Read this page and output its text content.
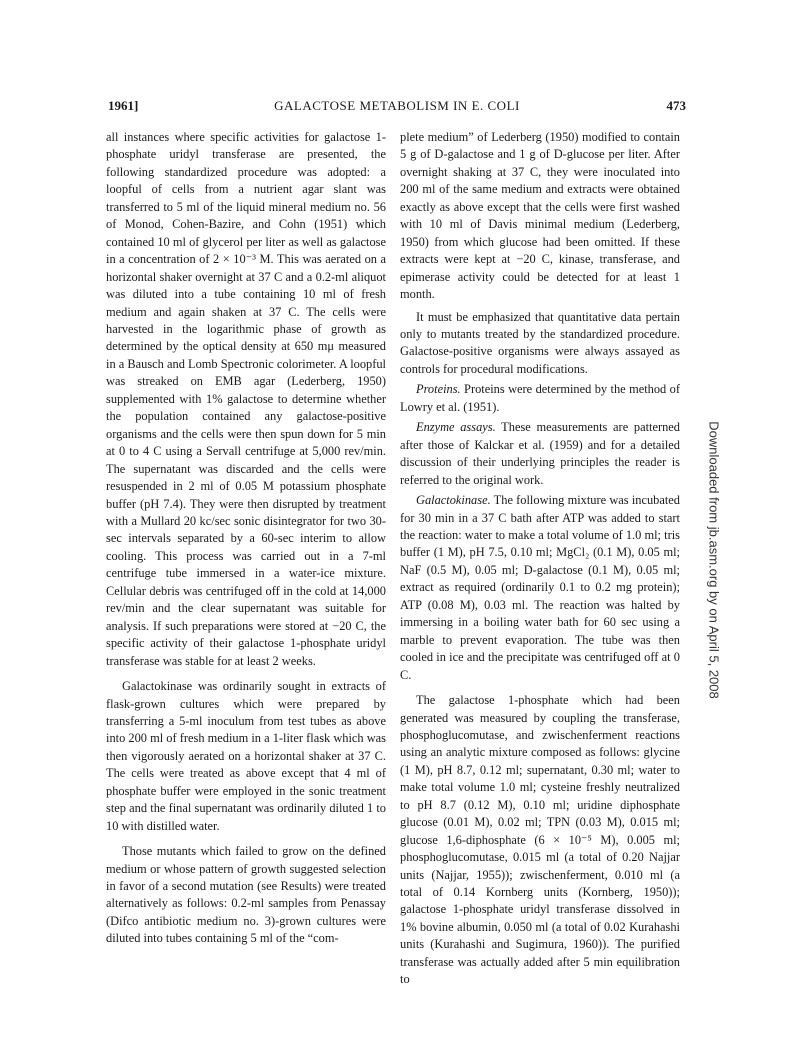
1961]	GALACTOSE METABOLISM IN E. COLI	473

all instances where specific activities for galactose 1-phosphate uridyl transferase are presented, the following standardized procedure was adopted: a loopful of cells from a nutrient agar slant was transferred to 5 ml of the liquid mineral medium no. 56 of Monod, Cohen-Bazire, and Cohn (1951) which contained 10 ml of glycerol per liter as well as galactose in a concentration of 2 × 10⁻³ M. This was aerated on a horizontal shaker overnight at 37 C and a 0.2-ml aliquot was diluted into a tube containing 10 ml of fresh medium and again shaken at 37 C. The cells were harvested in the logarithmic phase of growth as determined by the optical density at 650 mμ measured in a Bausch and Lomb Spectronic colorimeter. A loopful was streaked on EMB agar (Lederberg, 1950) supplemented with 1% galactose to determine whether the population contained any galactose-positive organisms and the cells were then spun down for 5 min at 0 to 4 C using a Servall centrifuge at 5,000 rev/min. The supernatant was discarded and the cells were resuspended in 2 ml of 0.05 M potassium phosphate buffer (pH 7.4). They were then disrupted by treatment with a Mullard 20 kc/sec sonic disintegrator for two 30-sec intervals separated by a 60-sec interim to allow cooling. This process was carried out in a 7-ml centrifuge tube immersed in a water-ice mixture. Cellular debris was centrifuged off in the cold at 14,000 rev/min and the clear supernatant was suitable for analysis. If such preparations were stored at −20 C, the specific activity of their galactose 1-phosphate uridyl transferase was stable for at least 2 weeks.

Galactokinase was ordinarily sought in extracts of flask-grown cultures which were prepared by transferring a 5-ml inoculum from test tubes as above into 200 ml of fresh medium in a 1-liter flask which was then vigorously aerated on a horizontal shaker at 37 C. The cells were treated as above except that 4 ml of phosphate buffer were employed in the sonic treatment step and the final supernatant was ordinarily diluted 1 to 10 with distilled water.

Those mutants which failed to grow on the defined medium or whose pattern of growth suggested selection in favor of a second mutation (see Results) were treated alternatively as follows: 0.2-ml samples from Penassay (Difco antibiotic medium no. 3)-grown cultures were diluted into tubes containing 5 ml of the “com-

plete medium” of Lederberg (1950) modified to contain 5 g of D-galactose and 1 g of D-glucose per liter. After overnight shaking at 37 C, they were inoculated into 200 ml of the same medium and extracts were obtained exactly as above except that the cells were first washed with 10 ml of Davis minimal medium (Lederberg, 1950) from which glucose had been omitted. If these extracts were kept at −20 C, kinase, transferase, and epimerase activity could be detected for at least 1 month.

It must be emphasized that quantitative data pertain only to mutants treated by the standardized procedure. Galactose-positive organisms were always assayed as controls for procedural modifications.

Proteins. Proteins were determined by the method of Lowry et al. (1951).

Enzyme assays. These measurements are patterned after those of Kalckar et al. (1959) and for a detailed discussion of their underlying principles the reader is referred to the original work.

Galactokinase. The following mixture was incubated for 30 min in a 37 C bath after ATP was added to start the reaction: water to make a total volume of 1.0 ml; tris buffer (1 M), pH 7.5, 0.10 ml; MgCl₂ (0.1 M), 0.05 ml; NaF (0.5 M), 0.05 ml; D-galactose (0.1 M), 0.05 ml; extract as required (ordinarily 0.1 to 0.2 mg protein); ATP (0.08 M), 0.03 ml. The reaction was halted by immersing in a boiling water bath for 60 sec using a marble to prevent evaporation. The tube was then cooled in ice and the precipitate was centrifuged off at 0 C.

The galactose 1-phosphate which had been generated was measured by coupling the transferase, phosphoglucomutase, and zwischenferment reactions using an analytic mixture composed as follows: glycine (1 M), pH 8.7, 0.12 ml; supernatant, 0.30 ml; water to make total volume 1.0 ml; cysteine freshly neutralized to pH 8.7 (0.12 M), 0.10 ml; uridine diphosphate glucose (0.01 M), 0.02 ml; TPN (0.03 M), 0.015 ml; glucose 1,6-diphosphate (6 × 10⁻⁵ M), 0.005 ml; phosphoglucomutase, 0.015 ml (a total of 0.20 Najjar units (Najjar, 1955)); zwischenferment, 0.010 ml (a total of 0.14 Kornberg units (Kornberg, 1950)); galactose 1-phosphate uridyl transferase dissolved in 1% bovine albumin, 0.050 ml (a total of 0.02 Kurahashi units (Kurahashi and Sugimura, 1960)). The purified transferase was actually added after 5 min equilibration to

Downloaded from jb.asm.org by on April 5, 2008
